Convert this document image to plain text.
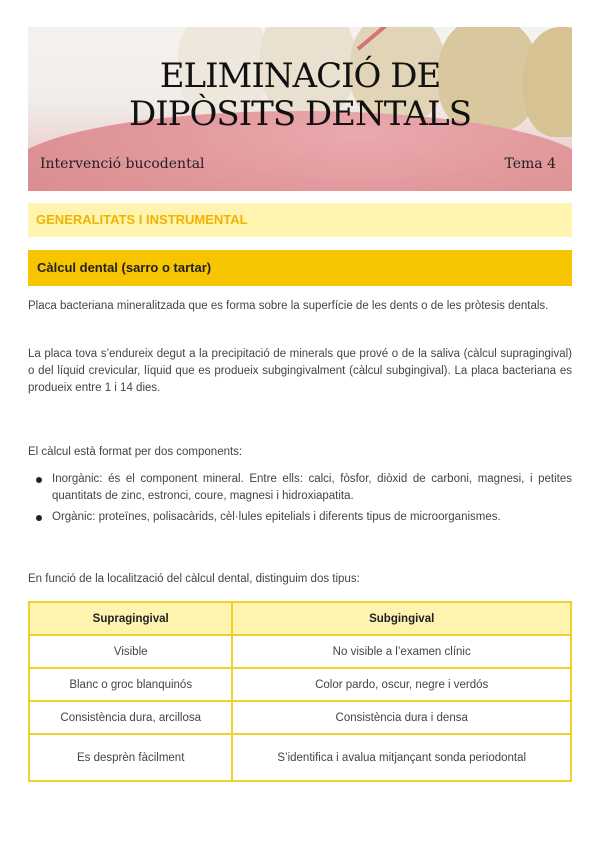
ELIMINACIÓ DE
DIPÒSITS DENTALS
Intervenció bucodental	Tema 4
GENERALITATS I INSTRUMENTAL
Càlcul dental (sarro o tartar)

Placa bacteriana mineralitzada que es forma sobre la superfície de les dents o de les pròtesis dentals.

La placa tova s’endureix degut a la precipitació de minerals que prové o de la saliva (càlcul supragingival) o del líquid crevicular, líquid que es produeix subgingivalment (càlcul subgingival). La placa bacteriana es produeix entre 1 i 14 dies.

El càlcul està format per dos components:

Inorgànic: és el component mineral. Entre ells: calci, fòsfor, diòxid de carboni, magnesi, i petites quantitats de zinc, estronci, coure, magnesi i hidroxiapatita.
Orgànic: proteïnes, polisacàrids, cèl·lules epitelials i diferents tipus de microorganismes.

En funció de la localització del càlcul dental, distinguim dos tipus:

Supragingival	Subgingival
Visible	No visible a l’examen clínic
Blanc o groc blanquinós	Color pardo, oscur, negre i verdós
Consistència dura, arcillosa	Consistència dura i densa
Es desprèn fàcilment	S’identifica i avalua mitjançant sonda periodontal
